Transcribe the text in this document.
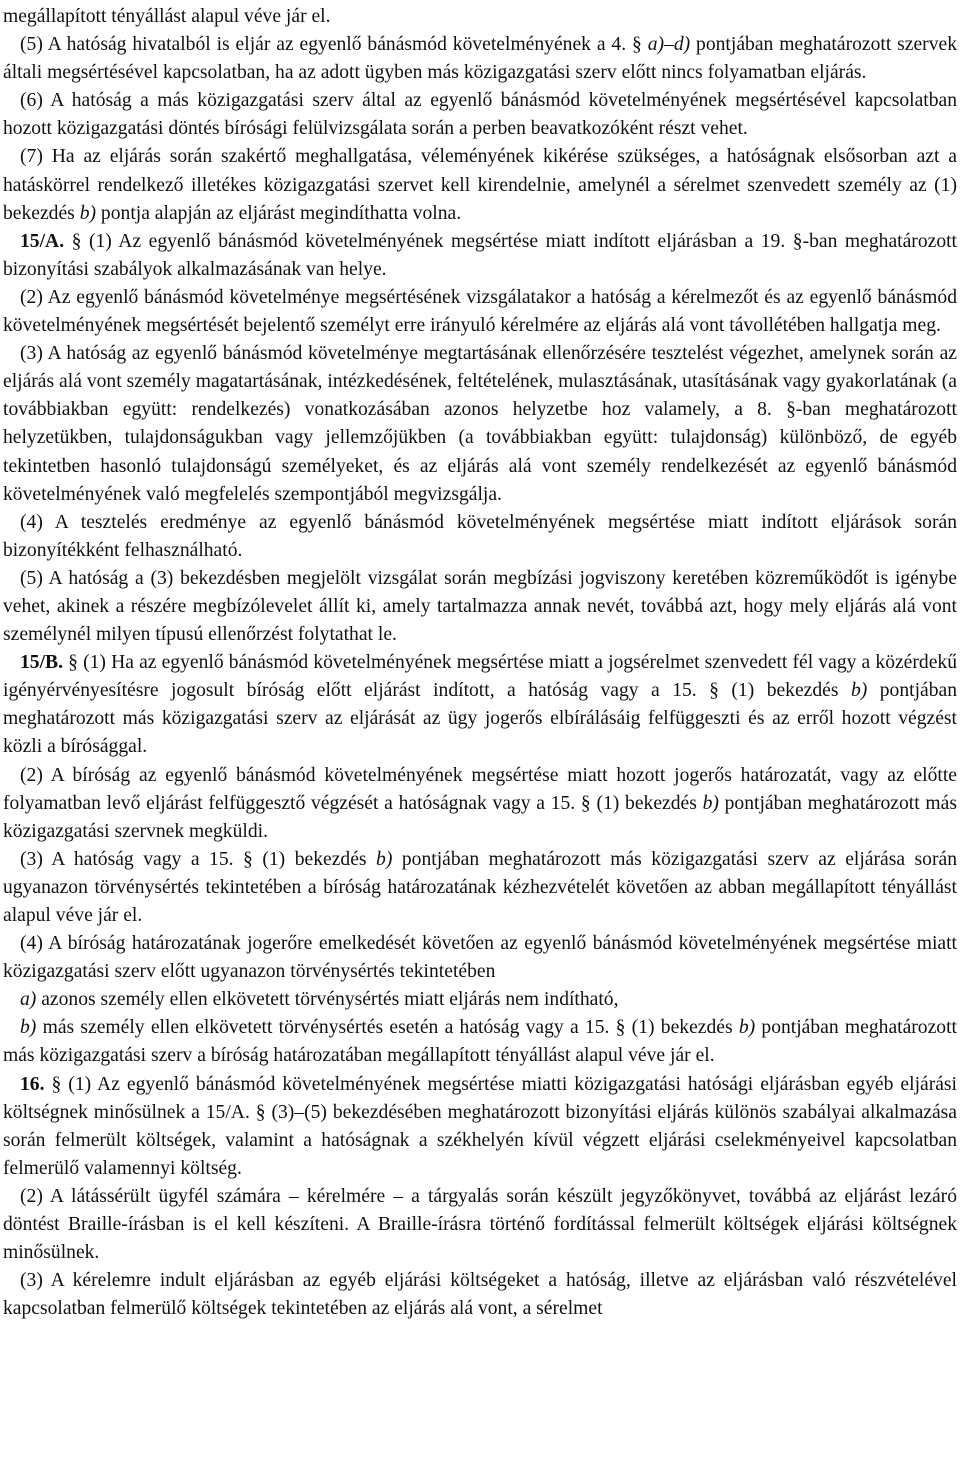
megállapított tényállást alapul véve jár el.

(5) A hatóság hivatalból is eljár az egyenlő bánásmód követelményének a 4. § a)–d) pontjában meghatározott szervek általi megsértésével kapcsolatban, ha az adott ügyben más közigazgatási szerv előtt nincs folyamatban eljárás.

(6) A hatóság a más közigazgatási szerv által az egyenlő bánásmód követelményének megsértésével kapcsolatban hozott közigazgatási döntés bírósági felülvizsgálata során a perben beavatkozóként részt vehet.

(7) Ha az eljárás során szakértő meghallgatása, véleményének kikérése szükséges, a hatóságnak elsősorban azt a hatáskörrel rendelkező illetékes közigazgatási szervet kell kirendelnie, amelynél a sérelmet szenvedett személy az (1) bekezdés b) pontja alapján az eljárást megindíthatta volna.

15/A. § (1) Az egyenlő bánásmód követelményének megsértése miatt indított eljárásban a 19. §-ban meghatározott bizonyítási szabályok alkalmazásának van helye.

(2) Az egyenlő bánásmód követelménye megsértésének vizsgálatakor a hatóság a kérelmezőt és az egyenlő bánásmód követelményének megsértését bejelentő személyt erre irányuló kérelmére az eljárás alá vont távollétében hallgatja meg.

(3) A hatóság az egyenlő bánásmód követelménye megtartásának ellenőrzésére tesztelést végezhet, amelynek során az eljárás alá vont személy magatartásának, intézkedésének, feltételének, mulasztásának, utasításának vagy gyakorlatának (a továbbiakban együtt: rendelkezés) vonatkozásában azonos helyzetbe hoz valamely, a 8. §-ban meghatározott helyzetükben, tulajdonságukban vagy jellemzőjükben (a továbbiakban együtt: tulajdonság) különböző, de egyéb tekintetben hasonló tulajdonságú személyeket, és az eljárás alá vont személy rendelkezését az egyenlő bánásmód követelményének való megfelelés szempontjából megvizsgálja.

(4) A tesztelés eredménye az egyenlő bánásmód követelményének megsértése miatt indított eljárások során bizonyítékként felhasználható.

(5) A hatóság a (3) bekezdésben megjelölt vizsgálat során megbízási jogviszony keretében közreműködőt is igénybe vehet, akinek a részére megbízólevelet állít ki, amely tartalmazza annak nevét, továbbá azt, hogy mely eljárás alá vont személynél milyen típusú ellenőrzést folytathat le.

15/B. § (1) Ha az egyenlő bánásmód követelményének megsértése miatt a jogsérelmet szenvedett fél vagy a közérdekű igényérvényesítésre jogosult bíróság előtt eljárást indított, a hatóság vagy a 15. § (1) bekezdés b) pontjában meghatározott más közigazgatási szerv az eljárását az ügy jogerős elbírálásáig felfüggeszti és az erről hozott végzést közli a bírósággal.

(2) A bíróság az egyenlő bánásmód követelményének megsértése miatt hozott jogerős határozatát, vagy az előtte folyamatban levő eljárást felfüggesztő végzését a hatóságnak vagy a 15. § (1) bekezdés b) pontjában meghatározott más közigazgatási szervnek megküldi.

(3) A hatóság vagy a 15. § (1) bekezdés b) pontjában meghatározott más közigazgatási szerv az eljárása során ugyanazon törvénysértés tekintetében a bíróság határozatának kézhezvételét követően az abban megállapított tényállást alapul véve jár el.

(4) A bíróság határozatának jogerőre emelkedését követően az egyenlő bánásmód követelményének megsértése miatt közigazgatási szerv előtt ugyanazon törvénysértés tekintetében

a) azonos személy ellen elkövetett törvénysértés miatt eljárás nem indítható,

b) más személy ellen elkövetett törvénysértés esetén a hatóság vagy a 15. § (1) bekezdés b) pontjában meghatározott más közigazgatási szerv a bíróság határozatában megállapított tényállást alapul véve jár el.

16. § (1) Az egyenlő bánásmód követelményének megsértése miatti közigazgatási hatósági eljárásban egyéb eljárási költségnek minősülnek a 15/A. § (3)–(5) bekezdésében meghatározott bizonyítási eljárás különös szabályai alkalmazása során felmerült költségek, valamint a hatóságnak a székhelyén kívül végzett eljárási cselekményeivel kapcsolatban felmerülő valamennyi költség.

(2) A látássérült ügyfél számára – kérelmére – a tárgyalás során készült jegyzőkönyvet, továbbá az eljárást lezáró döntést Braille-írásban is el kell készíteni. A Braille-írásra történő fordítással felmerült költségek eljárási költségnek minősülnek.

(3) A kérelemre indult eljárásban az egyéb eljárási költségeket a hatóság, illetve az eljárásban való részvételével kapcsolatban felmerülő költségek tekintetében az eljárás alá vont, a sérelmet
